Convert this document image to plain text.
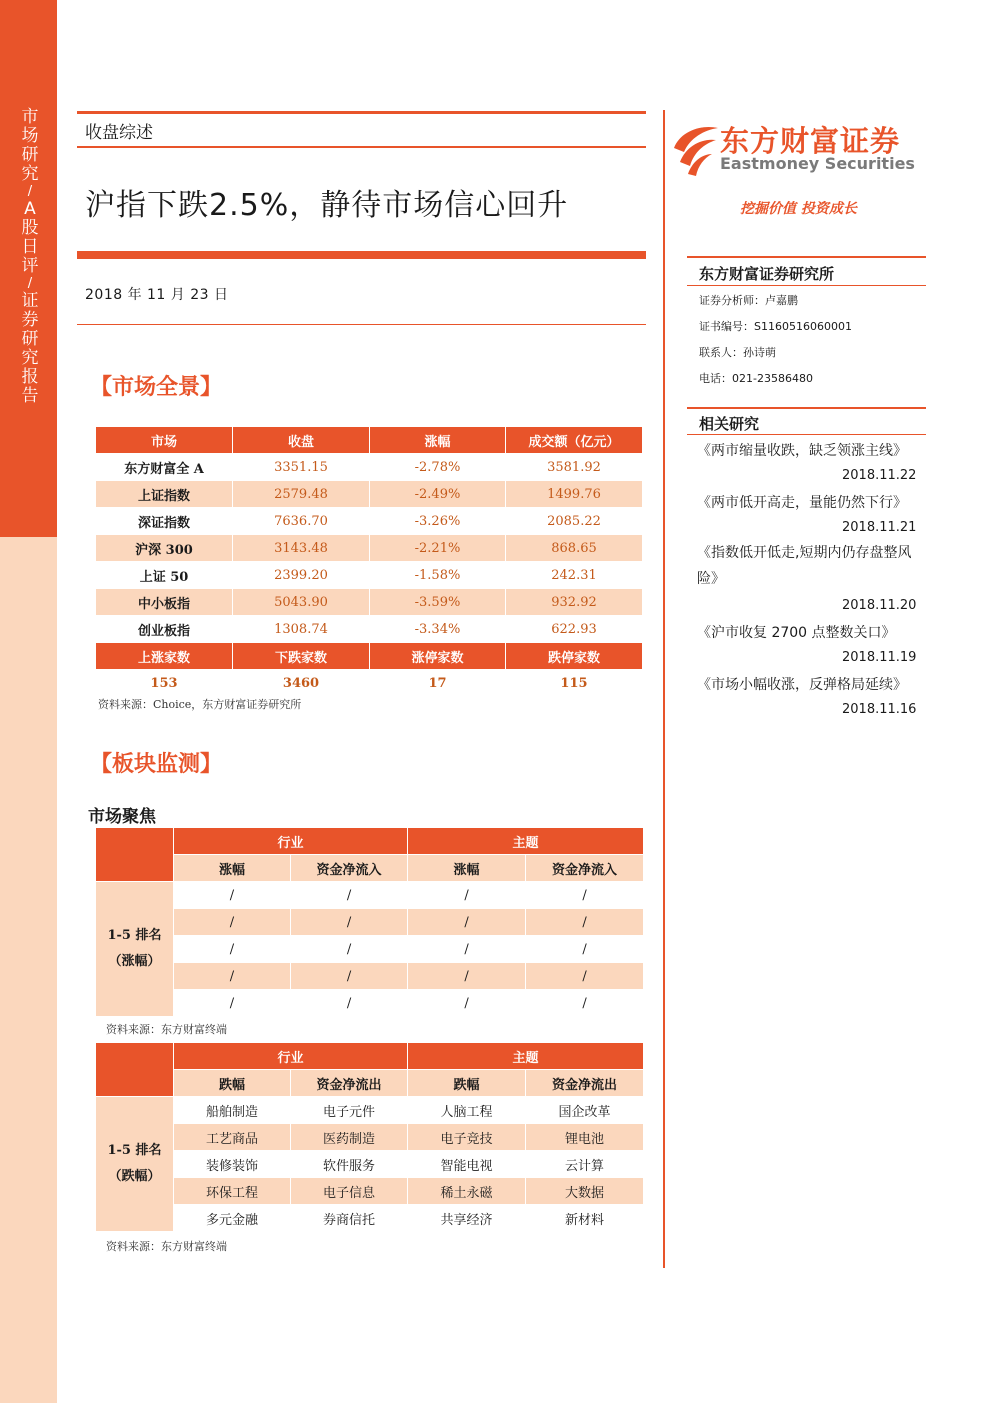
市
场
研
究
/
A
股
日
评
/
证
券
研
究
报
告
收盘综述
沪指下跌2.5%，静待市场信心回升
2018 年 11 月 23 日
【市场全景】
市场	收盘	涨幅	成交额（亿元）
东方财富全 A	3351.15	-2.78%	3581.92
上证指数	2579.48	-2.49%	1499.76
深证指数	7636.70	-3.26%	2085.22
沪深 300	3143.48	-2.21%	868.65
上证 50	2399.20	-1.58%	242.31
中小板指	5043.90	-3.59%	932.92
创业板指	1308.74	-3.34%	622.93
上涨家数	下跌家数	涨停家数	跌停家数
153	3460	17	115
资料来源：Choice，东方财富证券研究所
【板块监测】
市场聚焦
	行业		主题	
	涨幅	资金净流入	涨幅	资金净流入

1-5 排名
（涨幅）	/	/	/	/
	/	/	/	/
	/	/	/	/
	/	/	/	/
	/	/	/	/
资料来源：东方财富终端
	行业		主题	
	跌幅	资金净流出	跌幅	资金净流出

1-5 排名
（跌幅）	船舶制造	电子元件	人脑工程	国企改革
	工艺商品	医药制造	电子竞技	锂电池
	装修装饰	软件服务	智能电视	云计算
	环保工程	电子信息	稀土永磁	大数据
	多元金融	券商信托	共享经济	新材料
资料来源：东方财富终端
东方财富证券
Eastmoney Securities
挖掘价值 投资成长
东方财富证券研究所
证券分析师：卢嘉鹏
证书编号：S1160516060001
联系人：孙诗萌
电话：021-23586480
相关研究
《两市缩量收跌，缺乏领涨主线》
2018.11.22
《两市低开高走，量能仍然下行》
2018.11.21
《指数低开低走,短期内仍存盘整风险》
2018.11.20
《沪市收复 2700 点整数关口》
2018.11.19
《市场小幅收涨，反弹格局延续》
2018.11.16
